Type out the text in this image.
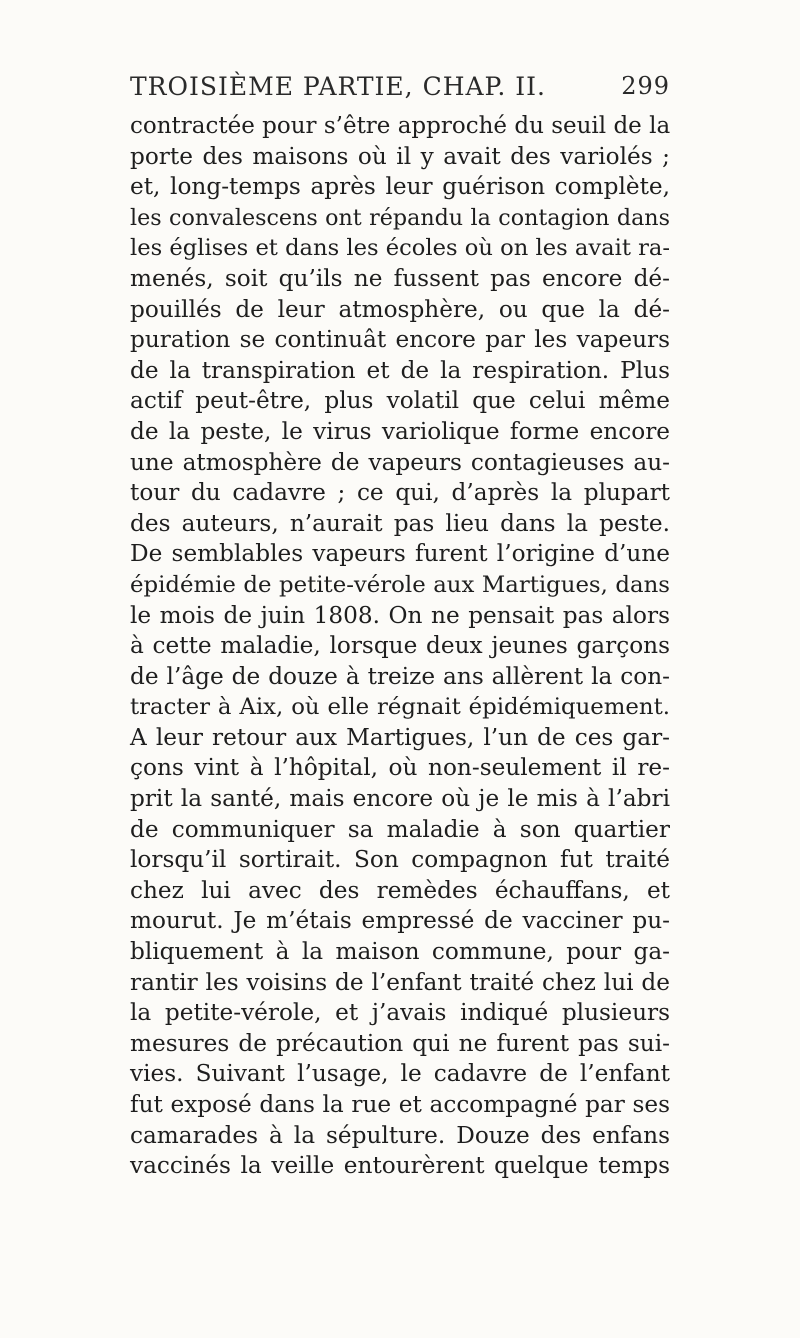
TROISIÈME PARTIE, CHAP. II.	299
contractée pour s’être approché du seuil de la
porte des maisons où il y avait des variolés ;
et, long-temps après leur guérison complète,
les convalescens ont répandu la contagion dans
les églises et dans les écoles où on les avait ra-
menés, soit qu’ils ne fussent pas encore dé-
pouillés de leur atmosphère, ou que la dé-
puration se continuât encore par les vapeurs
de la transpiration et de la respiration. Plus
actif peut-être, plus volatil que celui même
de la peste, le virus variolique forme encore
une atmosphère de vapeurs contagieuses au-
tour du cadavre ; ce qui, d’après la plupart
des auteurs, n’aurait pas lieu dans la peste.
De semblables vapeurs furent l’origine d’une
épidémie de petite-vérole aux Martigues, dans
le mois de juin 1808. On ne pensait pas alors
à cette maladie, lorsque deux jeunes garçons
de l’âge de douze à treize ans allèrent la con-
tracter à Aix, où elle régnait épidémiquement.
A leur retour aux Martigues, l’un de ces gar-
çons vint à l’hôpital, où non-seulement il re-
prit la santé, mais encore où je le mis à l’abri
de communiquer sa maladie à son quartier
lorsqu’il sortirait. Son compagnon fut traité
chez lui avec des remèdes échauffans, et
mourut. Je m’étais empressé de vacciner pu-
bliquement à la maison commune, pour ga-
rantir les voisins de l’enfant traité chez lui de
la petite-vérole, et j’avais indiqué plusieurs
mesures de précaution qui ne furent pas sui-
vies. Suivant l’usage, le cadavre de l’enfant
fut exposé dans la rue et accompagné par ses
camarades à la sépulture. Douze des enfans
vaccinés la veille entourèrent quelque temps
